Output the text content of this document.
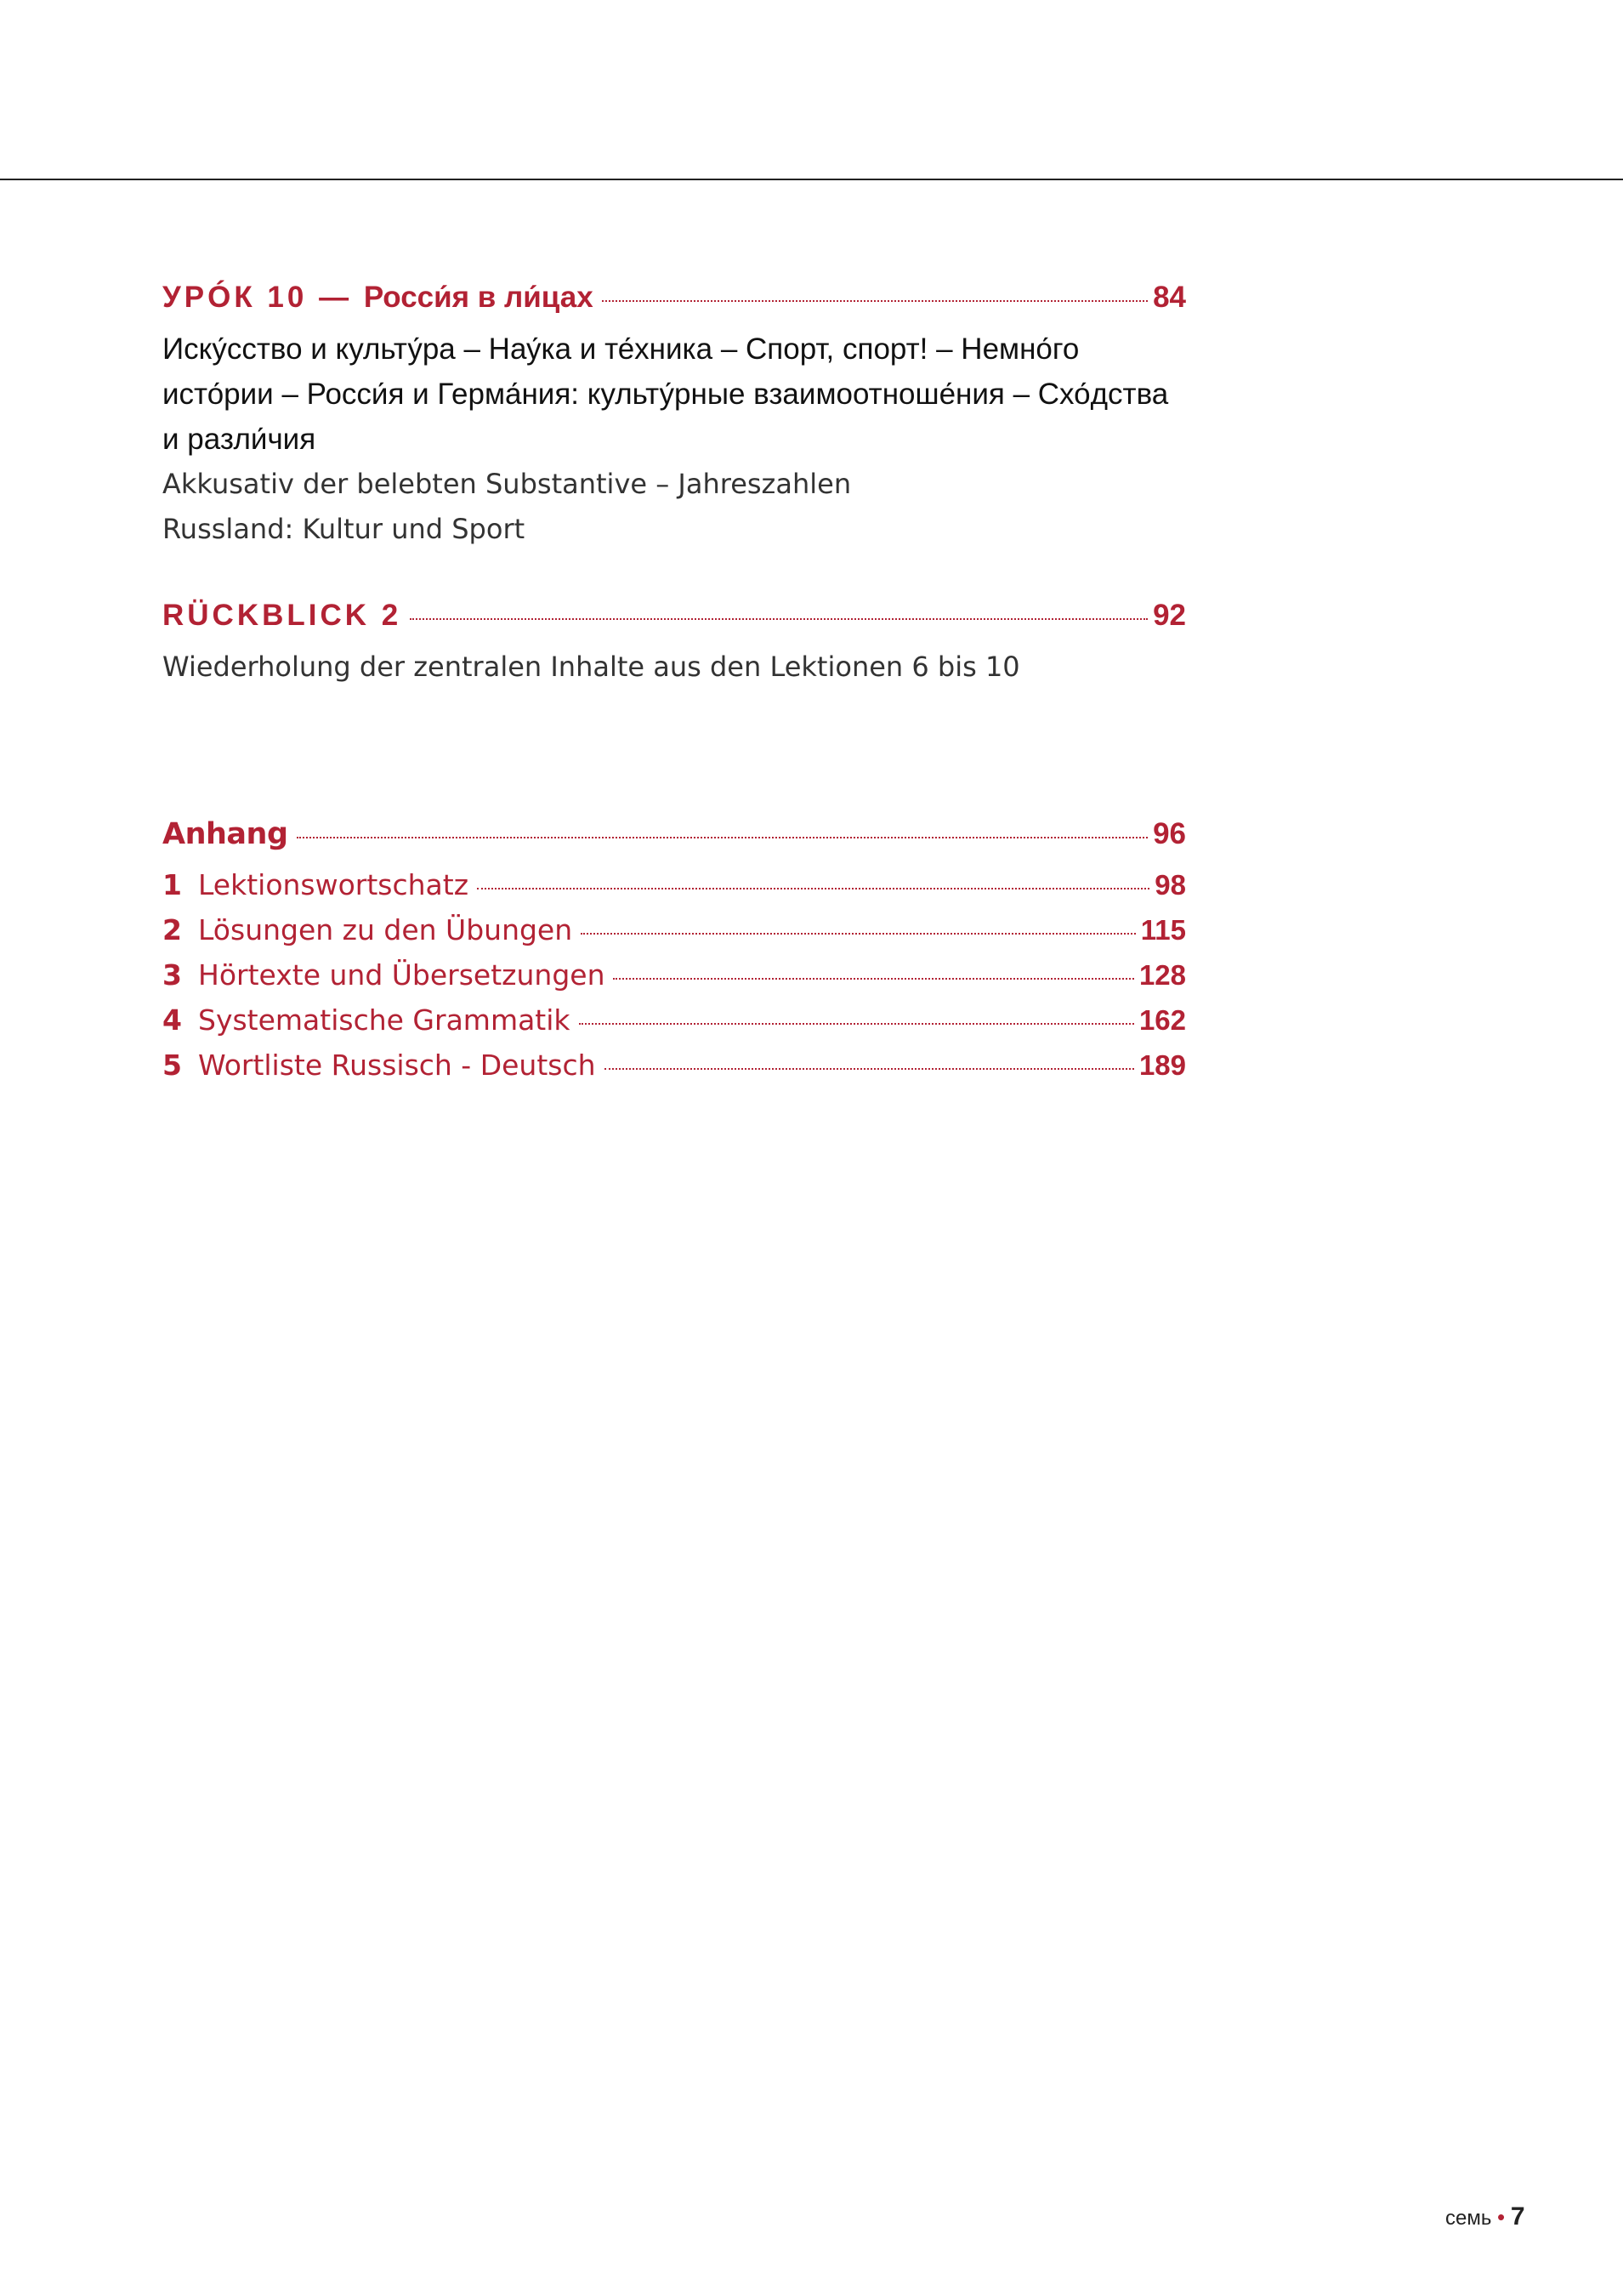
УРÓК 10 — Росси́я в ли́цах	84
Иску́сство и культу́ра – Нау́ка и те́хника – Спорт, спорт! – Немно́го исто́рии – Росси́я и Герма́ния: культу́рные взаимоотноше́ния – Схо́дства и разли́чия
Akkusativ der belebten Substantive – Jahreszahlen
Russland: Kultur und Sport
RÜCKBLICK 2	92
Wiederholung der zentralen Inhalte aus den Lektionen 6 bis 10
Anhang	96
1 Lektionswortschatz	98
2 Lösungen zu den Übungen	115
3 Hörtexte und Übersetzungen	128
4 Systematische Grammatik	162
5 Wortliste Russisch - Deutsch	189
семь • 7
